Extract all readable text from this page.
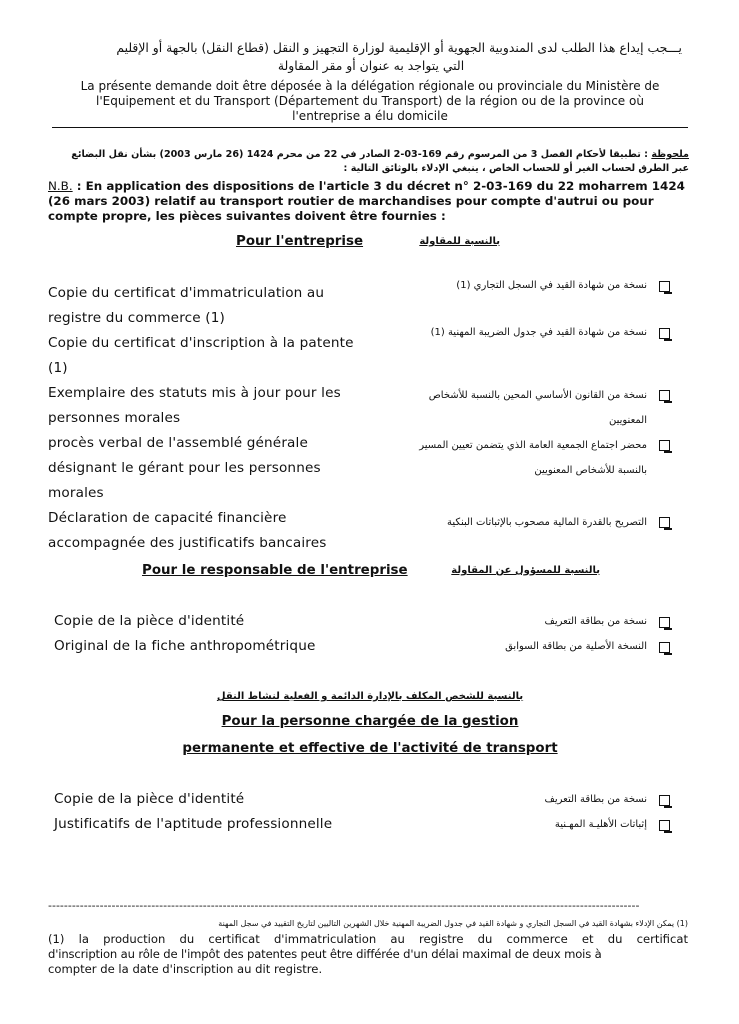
يـــجب إيداع هذا الطلب لدى المندوبية الجهوية أو الإقليمية لوزارة التجهيز و النقل (قطاع النقل) بالجهة أو الإقليم
التي يتواجد به عنوان أو مقر المقاولة
La présente demande doit être déposée à la délégation régionale ou provinciale du Ministère de
l'Equipement et du Transport (Département du Transport) de la région ou de la province où
l'entreprise a élu domicile
ملحوظة : تطبيقا لأحكام الفصل 3 من المرسوم رقم 169-03-2 الصادر في 22 من محرم 1424 (26 مارس 2003) بشأن نقل البضائع
عبر الطرق لحساب الغير أو للحساب الخاص ، ينبغي الإدلاء بالوثائق التالية :
N.B. : En application des dispositions de l'article 3 du décret n° 2-03-169 du 22 moharrem 1424
(26 mars 2003) relatif au transport routier de marchandises pour compte d'autrui ou pour
compte propre, les pièces suivantes doivent être fournies :
Pour l'entreprise	بالنسبة للمقاولة
Copie du certificat d'immatriculation au
registre du commerce (1)
Copie du certificat d'inscription à la patente
(1)
Exemplaire des statuts mis à jour pour les
personnes morales
procès verbal de l'assemblé générale
désignant le gérant pour les personnes
morales
Déclaration de capacité financière
accompagnée des justificatifs bancaires
نسخة من شهادة القيد في السجل التجاري (1)
نسخة من شهادة القيد في جدول الضريبة المهنية (1)
نسخة من القانون الأساسي المحين بالنسبة للأشخاص
المعنويين
محضر اجتماع الجمعية العامة الذي يتضمن تعيين المسير
بالنسبة للأشخاص المعنويين
التصريح بالقدرة المالية مصحوب بالإثباتات البنكية
Pour le responsable de l'entreprise	بالنسبة للمسؤول عن المقاولة
Copie de la pièce d'identité
Original de la fiche anthropométrique
نسخة من بطاقة التعريف
النسخة الأصلية من بطاقة السوابق
بالنسبة للشخص المكلف بالإدارة الدائمة و الفعلية لنشاط النقل
Pour la personne chargée de la gestion
permanente et effective de l'activité de transport
Copie de la pièce d'identité
Justificatifs de l'aptitude professionnelle
نسخة من بطاقة التعريف
إثباتات الأهليـة المهـنية
-----------------------------------------------------------------------------------------------------------------------------------------------------
(1) يمكن الإدلاء بشهادة القيد في السجل التجاري و شهادة القيد في جدول الضريبة المهنية خلال الشهرين التاليين لتاريخ التقييد في سجل المهنة
(1) la production du certificat d'immatriculation au registre du commerce et du certificat
d'inscription au rôle de l'impôt des patentes peut être différée d'un délai maximal de deux mois à
compter de la date d'inscription au dit registre.
